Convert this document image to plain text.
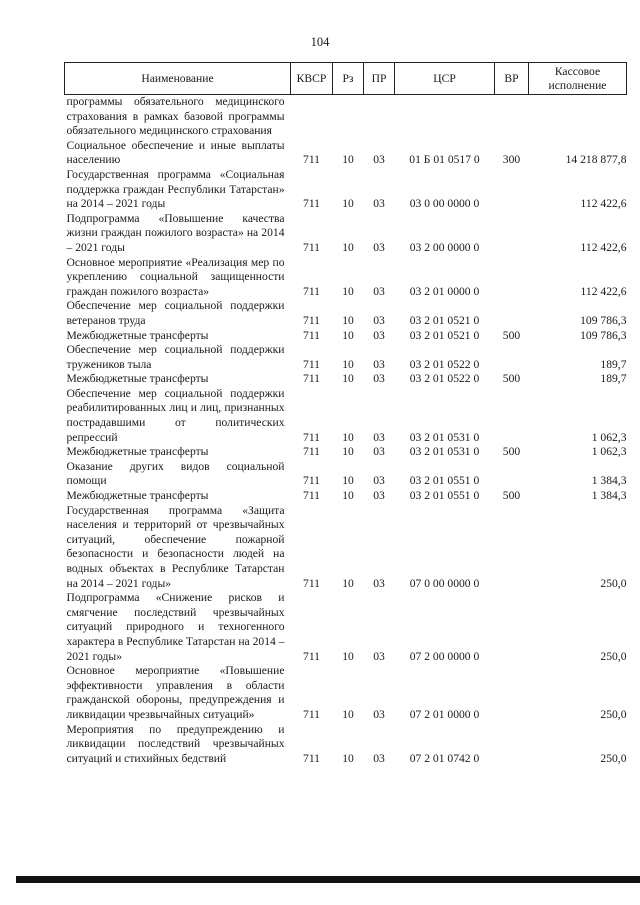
104
Наименование	КВСР	Рз	ПР	ЦСР	ВР	Кассовое исполнение
программы обязательного медицинского страхования в рамках базовой программы обязательного медицинского страхования						
Социальное обеспечение и иные выплаты населению	711	10	03	01 Б 01 0517 0	300	14 218 877,8
Государственная программа «Социальная поддержка граждан Республики Татарстан» на 2014 – 2021 годы	711	10	03	03 0 00 0000 0		112 422,6
Подпрограмма «Повышение качества жизни граждан пожилого возраста» на 2014 – 2021 годы	711	10	03	03 2 00 0000 0		112 422,6
Основное мероприятие «Реализация мер по укреплению социальной защищенности граждан пожилого возраста»	711	10	03	03 2 01 0000 0		112 422,6
Обеспечение мер социальной поддержки ветеранов труда	711	10	03	03 2 01 0521 0		109 786,3
Межбюджетные трансферты	711	10	03	03 2 01 0521 0	500	109 786,3
Обеспечение мер социальной поддержки тружеников тыла	711	10	03	03 2 01 0522 0		189,7
Межбюджетные трансферты	711	10	03	03 2 01 0522 0	500	189,7
Обеспечение мер социальной поддержки реабилитированных лиц и лиц, признанных пострадавшими от политических репрессий	711	10	03	03 2 01 0531 0		1 062,3
Межбюджетные трансферты	711	10	03	03 2 01 0531 0	500	1 062,3
Оказание других видов социальной помощи	711	10	03	03 2 01 0551 0		1 384,3
Межбюджетные трансферты	711	10	03	03 2 01 0551 0	500	1 384,3
Государственная программа «Защита населения и территорий от чрезвычайных ситуаций, обеспечение пожарной безопасности и безопасности людей на водных объектах в Республике Татарстан на 2014 – 2021 годы»	711	10	03	07 0 00 0000 0		250,0
Подпрограмма «Снижение рисков и смягчение последствий чрезвычайных ситуаций природного и техногенного характера в Республике Татарстан на 2014 – 2021 годы»	711	10	03	07 2 00 0000 0		250,0
Основное мероприятие «Повышение эффективности управления в области гражданской обороны, предупреждения и ликвидации чрезвычайных ситуаций»	711	10	03	07 2 01 0000 0		250,0
Мероприятия по предупреждению и ликвидации последствий чрезвычайных ситуаций и стихийных бедствий	711	10	03	07 2 01 0742 0		250,0
